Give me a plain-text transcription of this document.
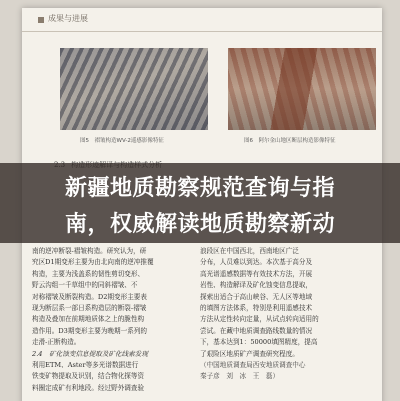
成果与进展
图5　褶皱构造WV-2遥感影像特征	图6　阿尔金山地区断层构造影像特征
南的逆冲断裂-褶皱构造。研究认为，研
究区D1期变形主要为由北向南的逆冲推覆
构造，主要为浅盖系的韧性剪切变形、
野云沟组一千草组中的同斜褶皱、不
对称褶皱及断裂构造。D2期变形主要表
现为断层系一部日系构造层的断裂-褶皱
构造及叠加在前期地质体之上的脆性构
造作用。D3期变形主要为晚期一系列的
走滑-正断构造。
2.4　矿化蚀变信息提取及矿化线索发现
利用ETM、Aster等多光谱数据进行
铁变矿物提取及识别，结合物化探等资
料圈定成矿有利地段。经过野外调查验
浪段区在中国西北，西南地区广泛
分布，人员难以到达。本次基于高分及
高光谱遥感数据等有效技术方法，开展
岩性、构造解译及矿化蚀变信息提取，
探索出适合于高山峡谷、无人区等地域
的填图方法体系，特别是利用遥感技术
方法从定性转向定量，从试点转向适用的
尝试。在藏中地质调查路线数量的情况
下，基本达到1：50000填图精度，提高
了艰险区地质矿产调查研究程度。
（中国地质调查局西安地质调查中心
秦子彦　刘　冰　王　磊）
新疆地质勘察规范查询与指
南，权威解读地质勘察新动
